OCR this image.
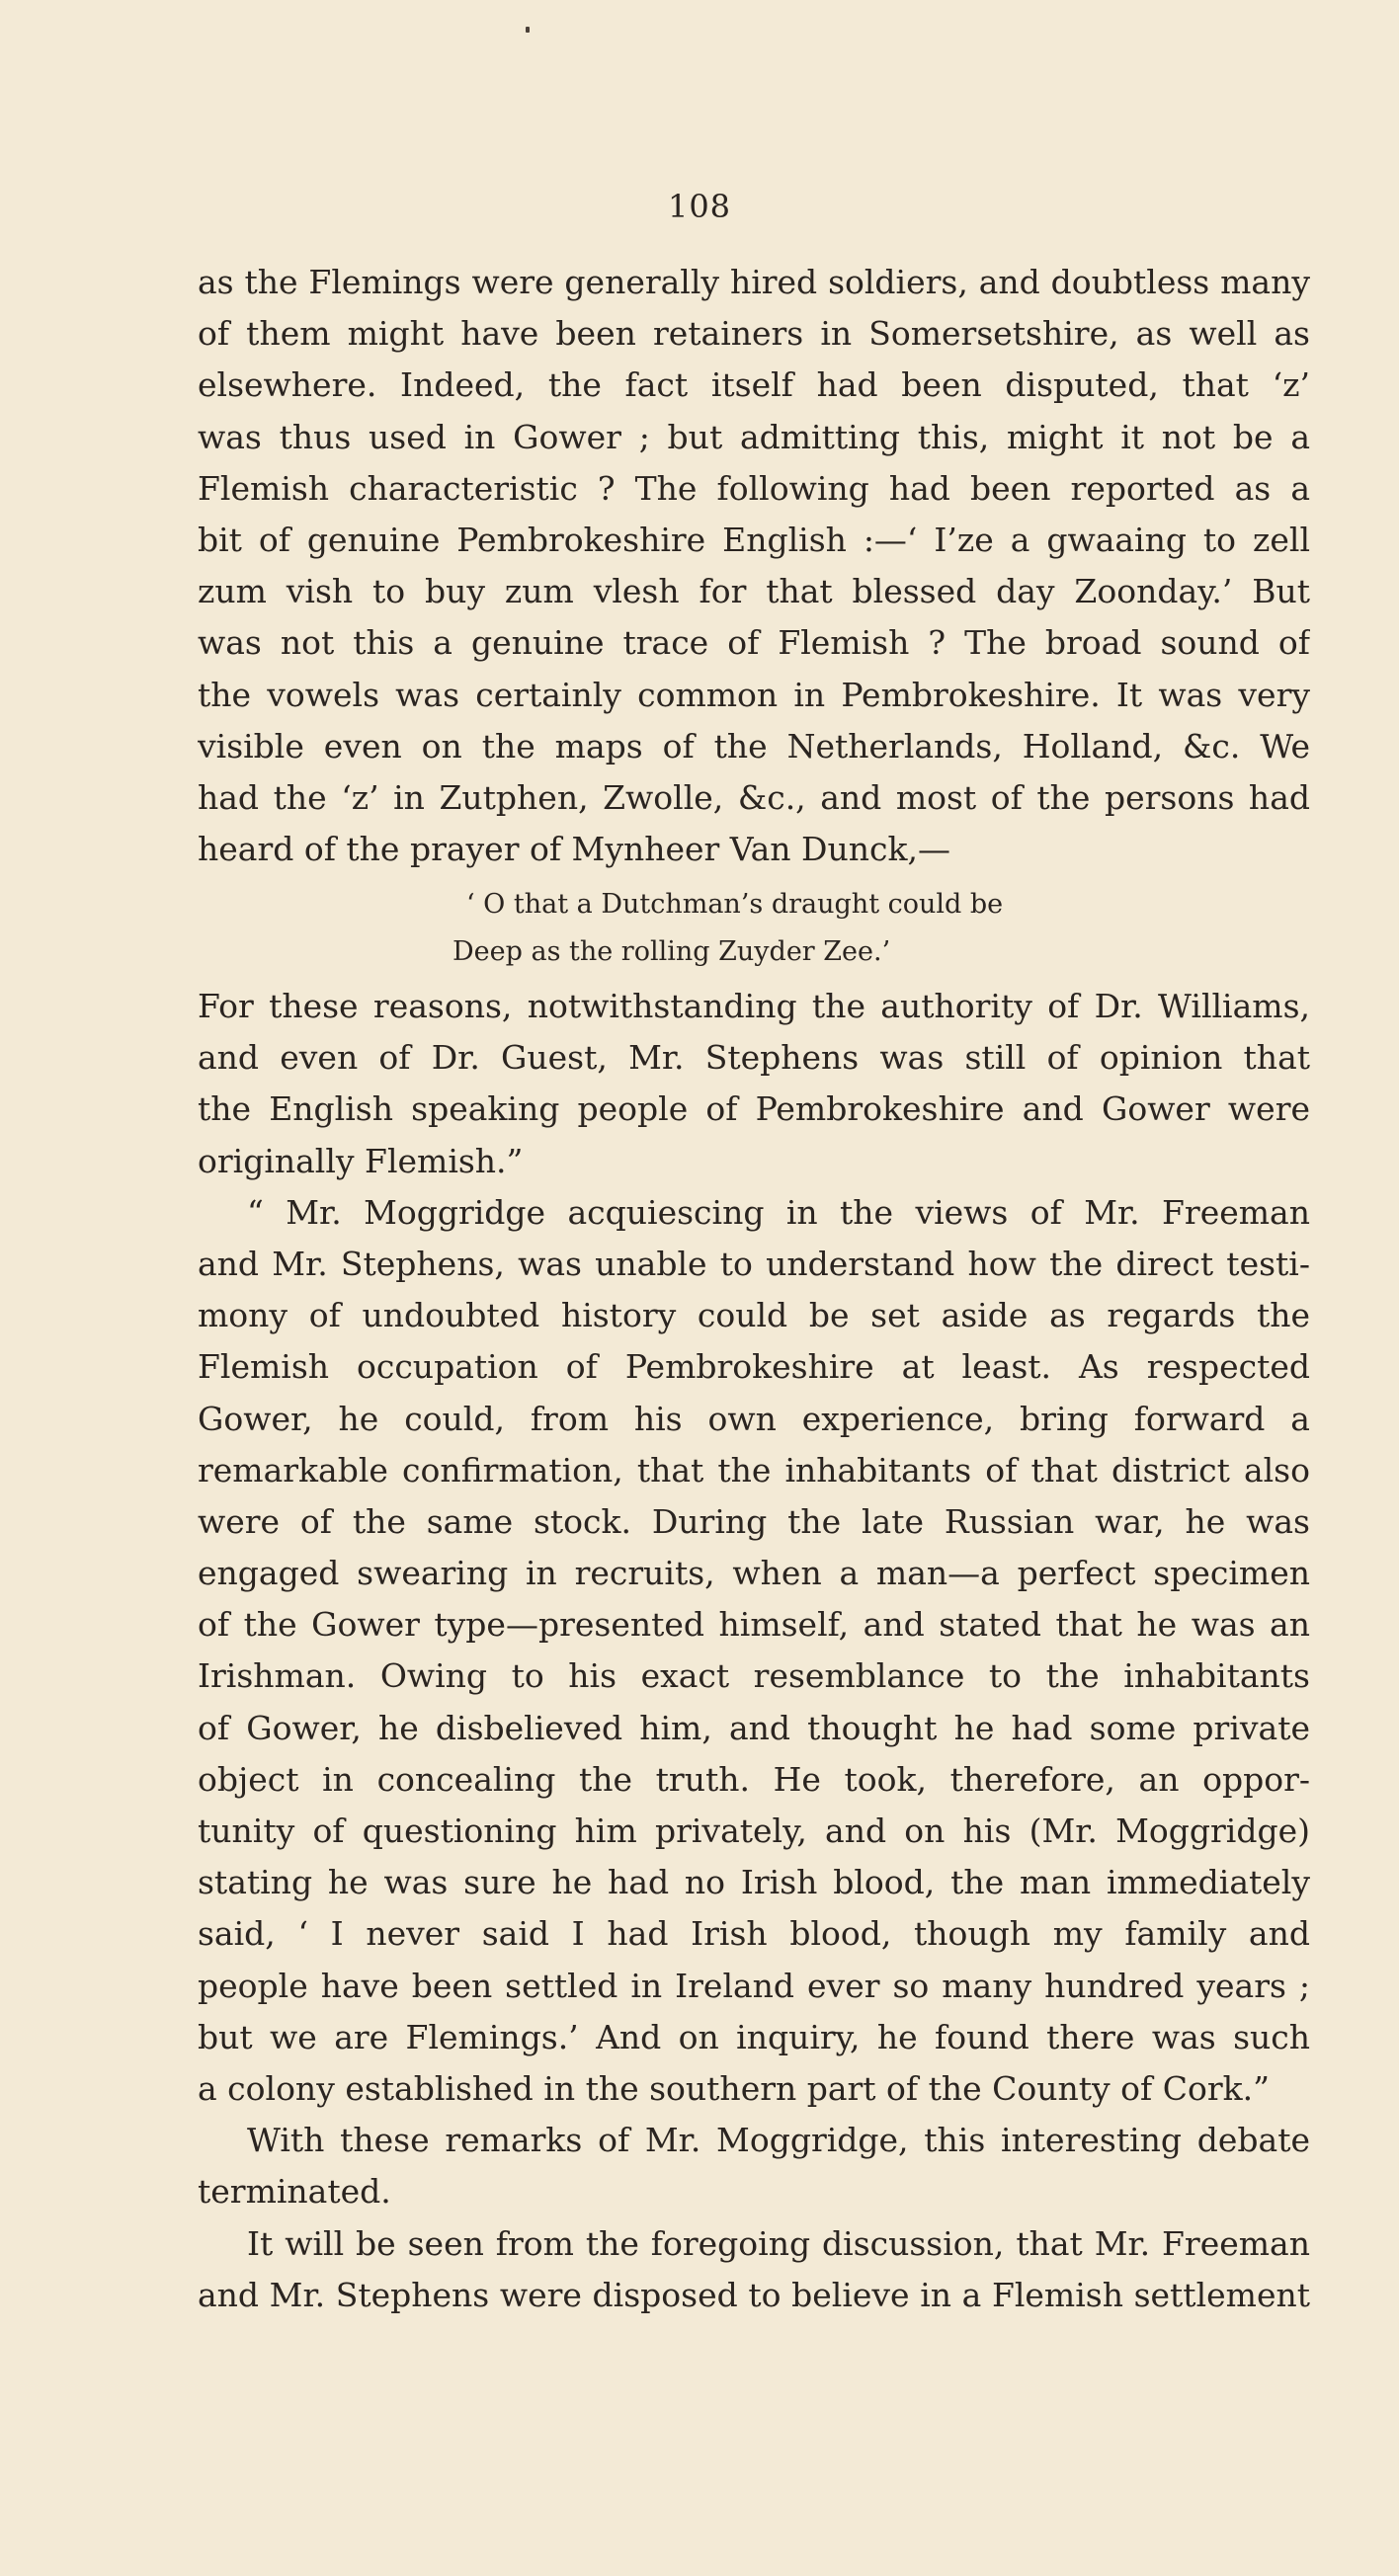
108
as the Flemings were generally hired soldiers, and doubtless many
of them might have been retainers in Somersetshire, as well as
elsewhere. Indeed, the fact itself had been disputed, that ‘z’
was thus used in Gower ; but admitting this, might it not be a
Flemish characteristic ? The following had been reported as a
bit of genuine Pembrokeshire English :—‘ I’ze a gwaaing to zell
zum vish to buy zum vlesh for that blessed day Zoonday.’ But
was not this a genuine trace of Flemish ? The broad sound of
the vowels was certainly common in Pembrokeshire. It was very
visible even on the maps of the Netherlands, Holland, &c. We
had the ‘z’ in Zutphen, Zwolle, &c., and most of the persons had
heard of the prayer of Mynheer Van Dunck,—
‘ O that a Dutchman’s draught could be
Deep as the rolling Zuyder Zee.’
For these reasons, notwithstanding the authority of Dr. Williams,
and even of Dr. Guest, Mr. Stephens was still of opinion that
the English speaking people of Pembrokeshire and Gower were
originally Flemish.”
“ Mr. Moggridge acquiescing in the views of Mr. Freeman
and Mr. Stephens, was unable to understand how the direct testi-
mony of undoubted history could be set aside as regards the
Flemish occupation of Pembrokeshire at least. As respected
Gower, he could, from his own experience, bring forward a
remarkable confirmation, that the inhabitants of that district also
were of the same stock. During the late Russian war, he was
engaged swearing in recruits, when a man—a perfect specimen
of the Gower type—presented himself, and stated that he was an
Irishman. Owing to his exact resemblance to the inhabitants
of Gower, he disbelieved him, and thought he had some private
object in concealing the truth. He took, therefore, an oppor-
tunity of questioning him privately, and on his (Mr. Moggridge)
stating he was sure he had no Irish blood, the man immediately
said, ‘ I never said I had Irish blood, though my family and
people have been settled in Ireland ever so many hundred years ;
but we are Flemings.’ And on inquiry, he found there was such
a colony established in the southern part of the County of Cork.”
With these remarks of Mr. Moggridge, this interesting debate
terminated.
It will be seen from the foregoing discussion, that Mr. Freeman
and Mr. Stephens were disposed to believe in a Flemish settlement
